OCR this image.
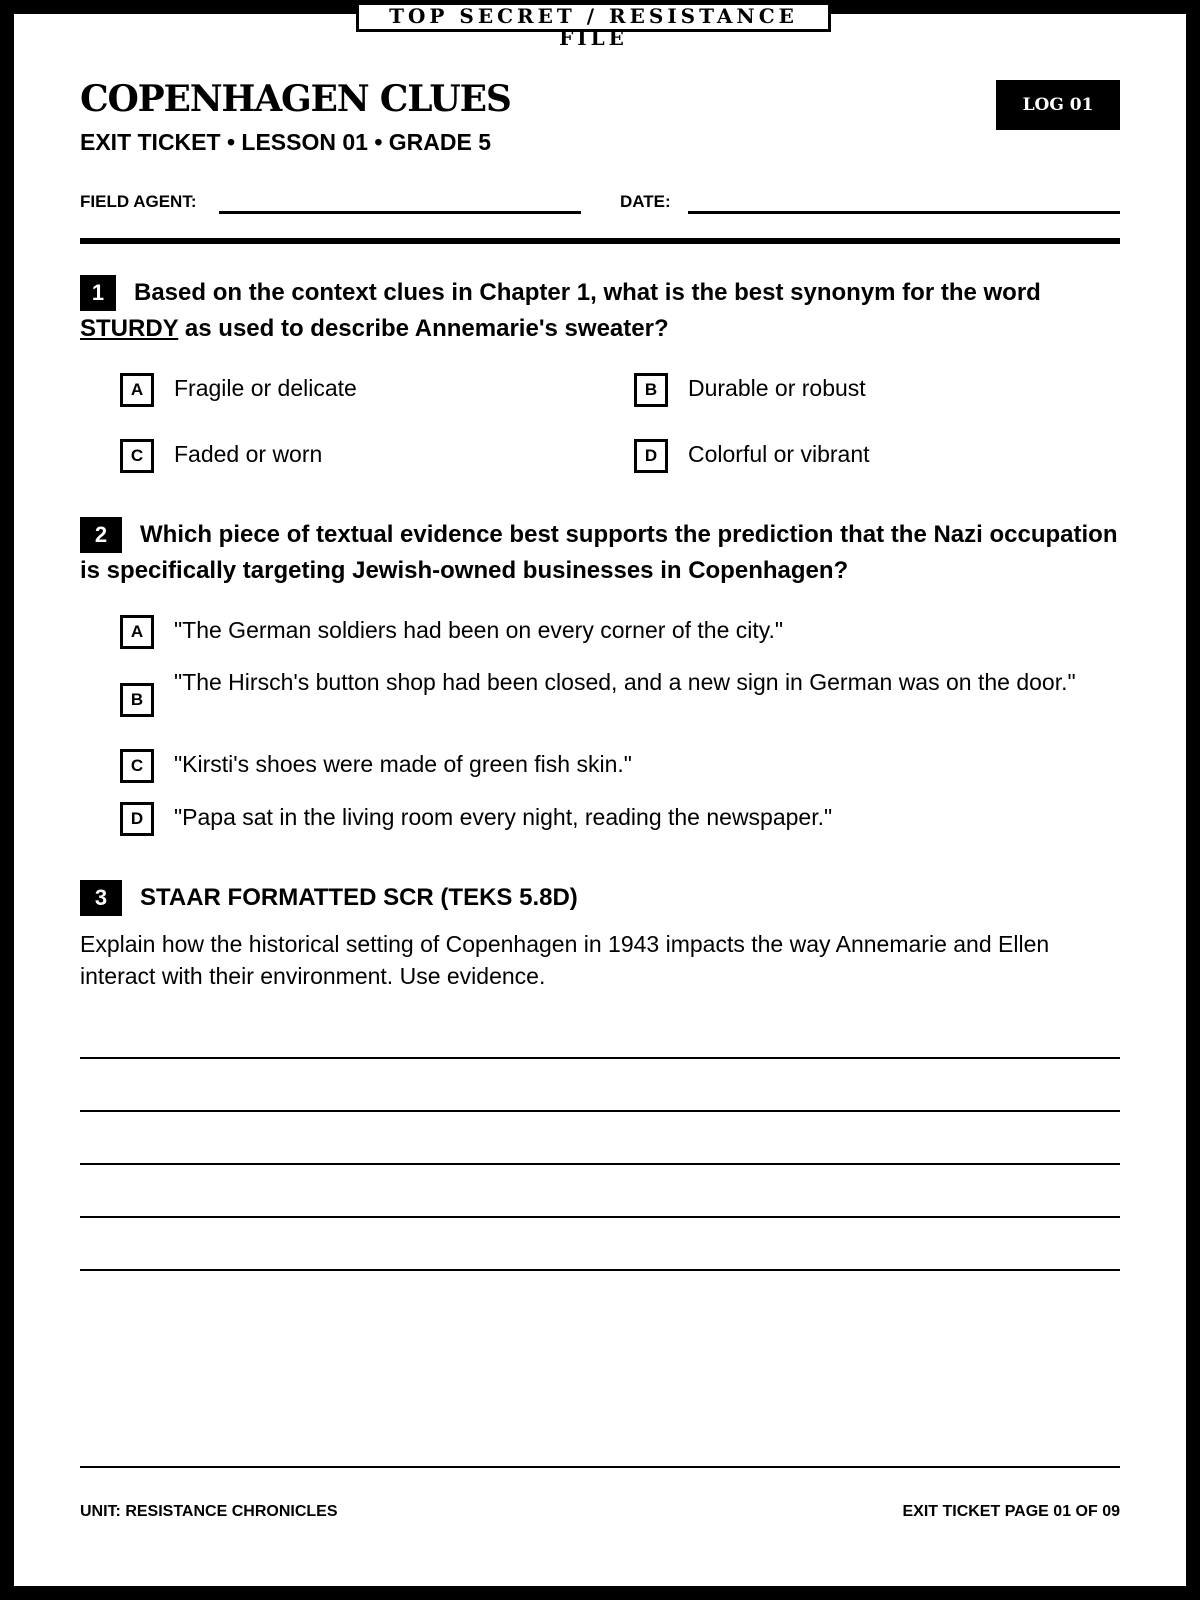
TOP SECRET / RESISTANCE FILE
COPENHAGEN CLUES
EXIT TICKET • LESSON 01 • GRADE 5
LOG 01
FIELD AGENT:	DATE:
1 Based on the context clues in Chapter 1, what is the best synonym for the word
STURDY as used to describe Annemarie's sweater?
A	Fragile or delicate	B	Durable or robust
C	Faded or worn	D	Colorful or vibrant
2 Which piece of textual evidence best supports the prediction that the Nazi occupation is specifically targeting Jewish-owned businesses in Copenhagen?
A	"The German soldiers had been on every corner of the city."
B
"The Hirsch's button shop had been closed, and a new sign in German was on the door."
C	"Kirsti's shoes were made of green fish skin."
D	"Papa sat in the living room every night, reading the newspaper."
3 STAAR FORMATTED SCR (TEKS 5.8D)
Explain how the historical setting of Copenhagen in 1943 impacts the way Annemarie and Ellen interact with their environment. Use evidence.
UNIT: RESISTANCE CHRONICLES	EXIT TICKET PAGE 01 OF 09
